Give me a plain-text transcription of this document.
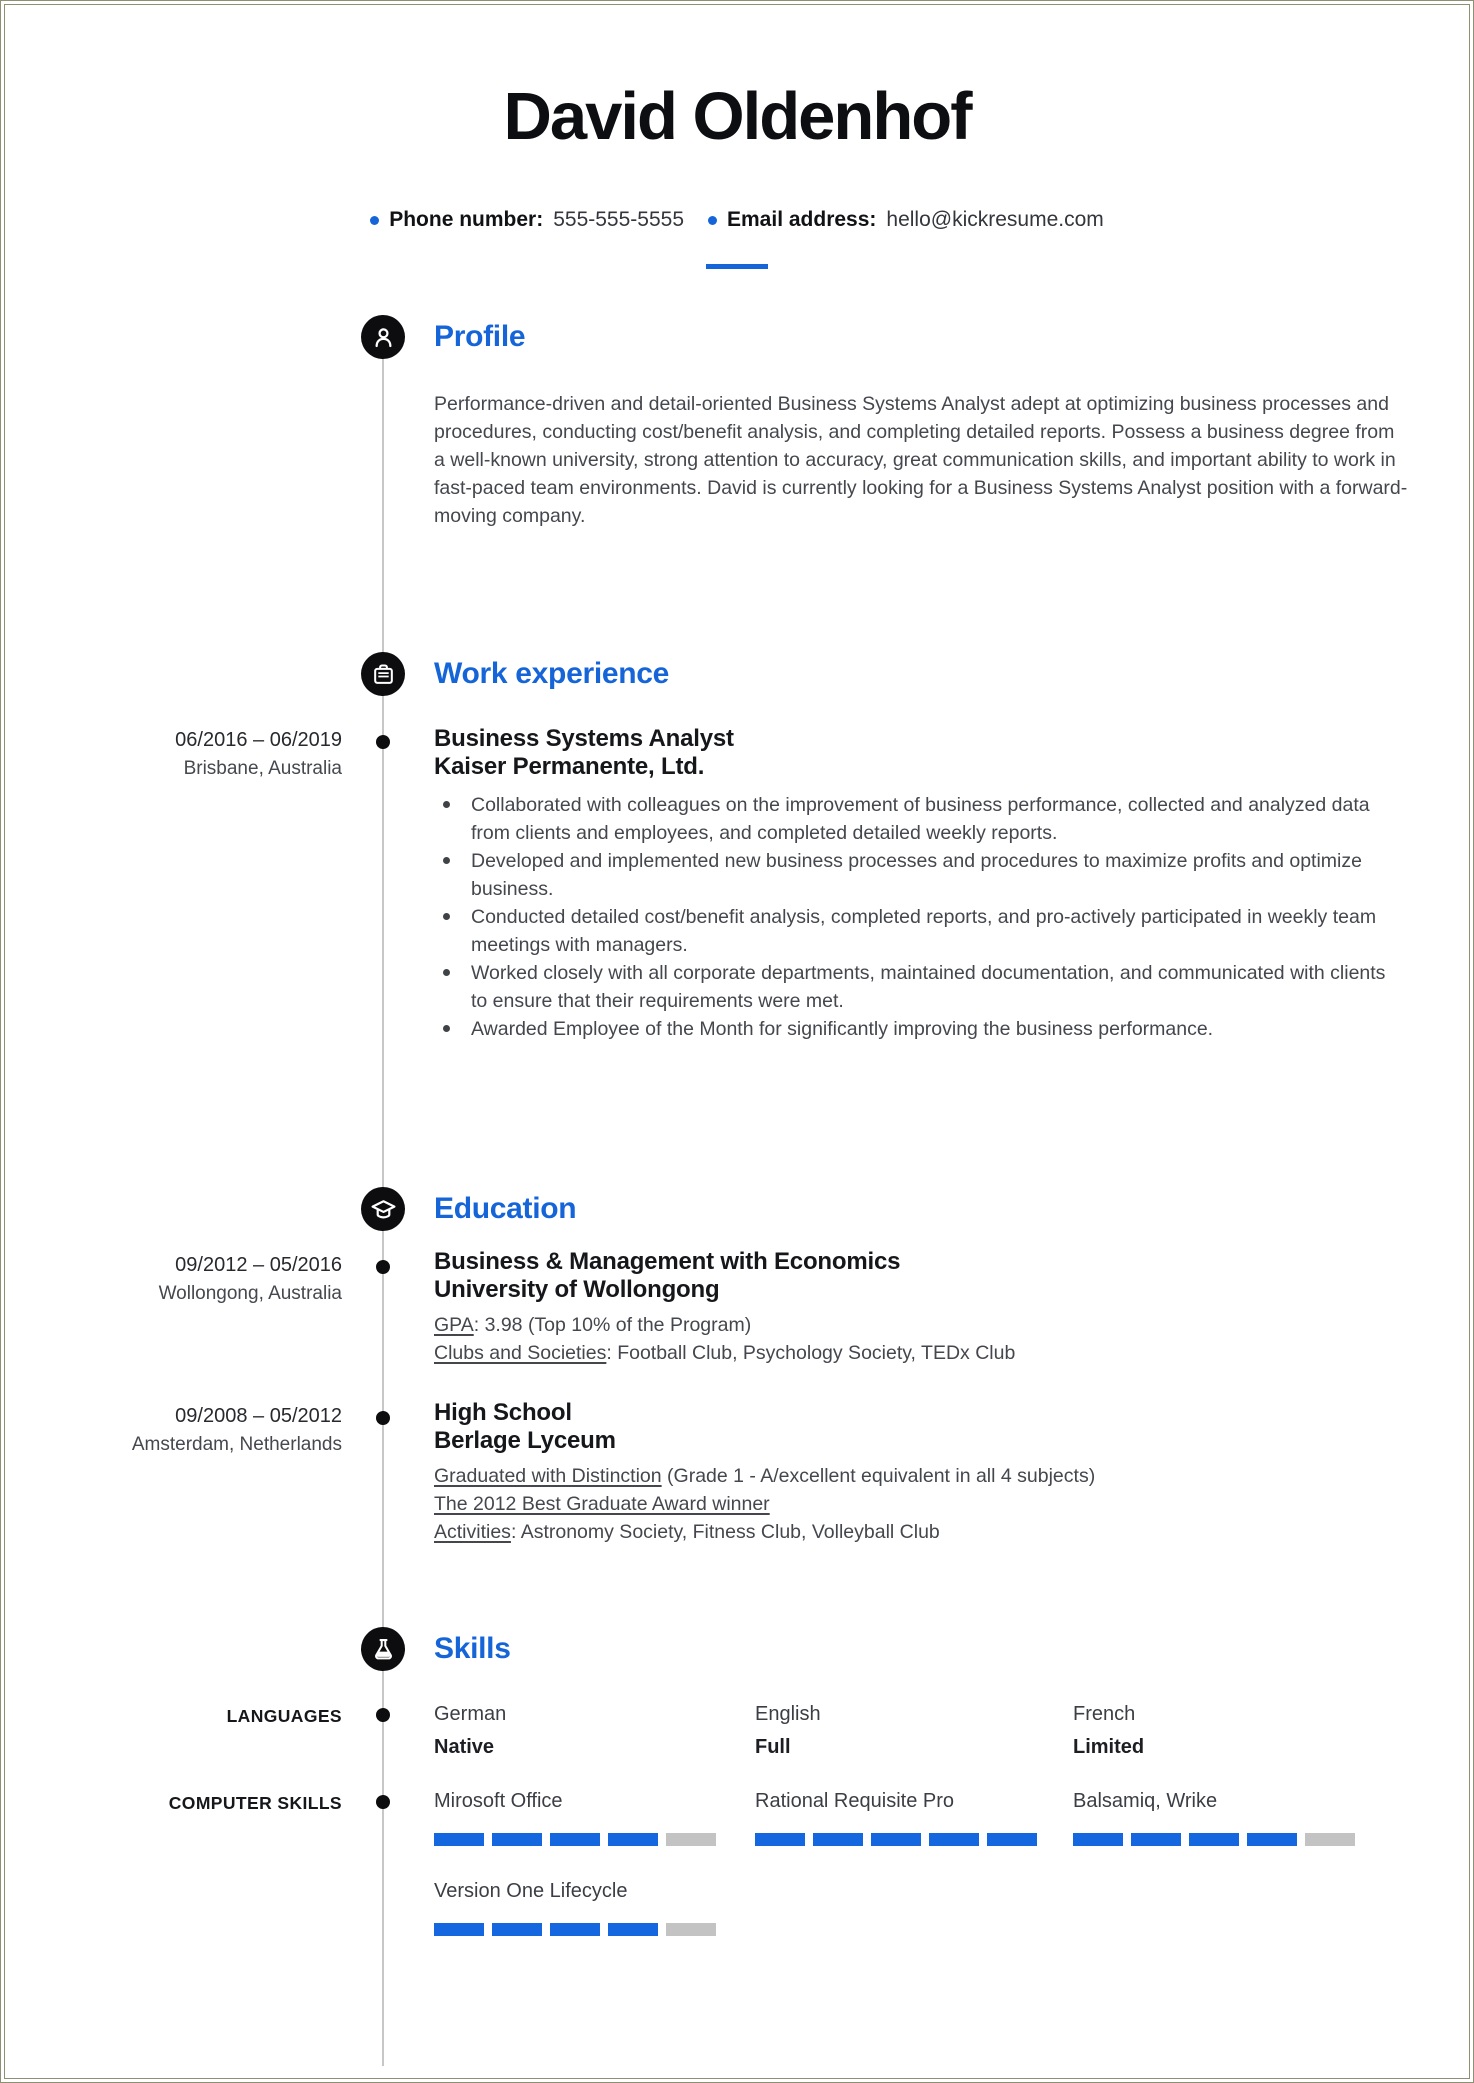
David Oldenhof
Phone number: 555-555-5555 Email address: hello@kickresume.com
Profile
Performance-driven and detail-oriented Business Systems Analyst adept at optimizing business processes and procedures, conducting cost/benefit analysis, and completing detailed reports. Possess a business degree from a well-known university, strong attention to accuracy, great communication skills, and important ability to work in fast-paced team environments. David is currently looking for a Business Systems Analyst position with a forward-moving company.
Work experience
06/2016 – 06/2019
Brisbane, Australia
Business Systems Analyst
Kaiser Permanente, Ltd.
Collaborated with colleagues on the improvement of business performance, collected and analyzed data from clients and employees, and completed detailed weekly reports.
Developed and implemented new business processes and procedures to maximize profits and optimize business.
Conducted detailed cost/benefit analysis, completed reports, and pro-actively participated in weekly team meetings with managers.
Worked closely with all corporate departments, maintained documentation, and communicated with clients to ensure that their requirements were met.
Awarded Employee of the Month for significantly improving the business performance.
Education
09/2012 – 05/2016
Wollongong, Australia
Business & Management with Economics
University of Wollongong
GPA: 3.98 (Top 10% of the Program)
Clubs and Societies: Football Club, Psychology Society, TEDx Club
09/2008 – 05/2012
Amsterdam, Netherlands
High School
Berlage Lyceum
Graduated with Distinction (Grade 1 - A/excellent equivalent in all 4 subjects)
The 2012 Best Graduate Award winner
Activities: Astronomy Society, Fitness Club, Volleyball Club
Skills
LANGUAGES	German
Native
English
Full
French
Limited
COMPUTER SKILLS	Mirosoft Office	Rational Requisite Pro	Balsamiq, Wrike
Version One Lifecycle
